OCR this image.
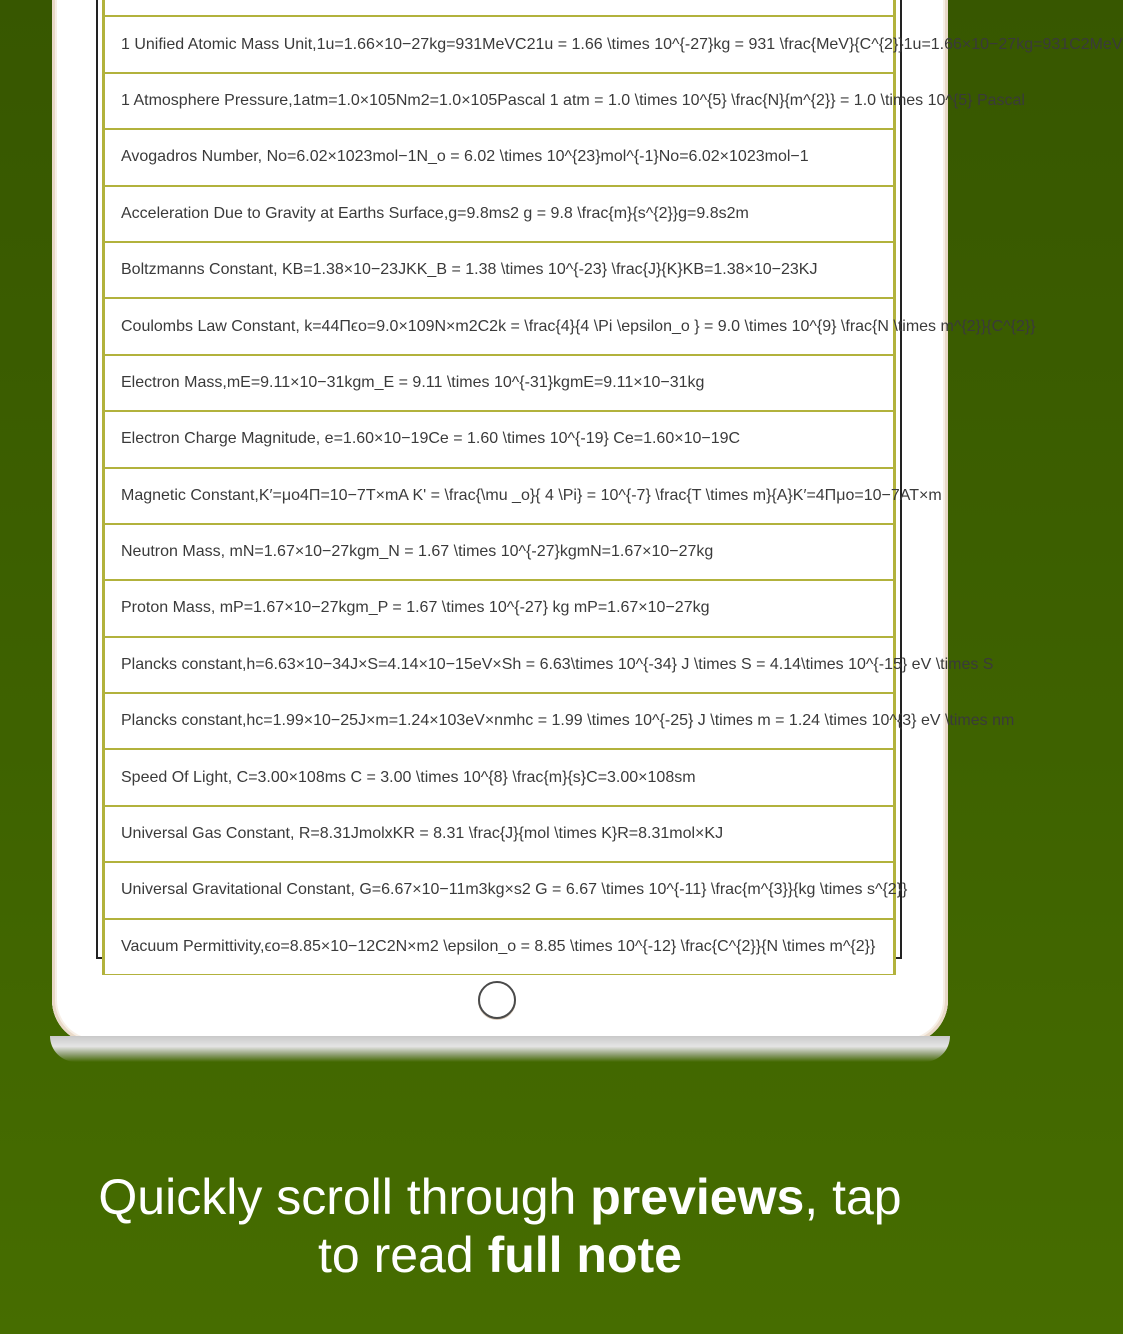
1 Unified Atomic Mass Unit,1u=1.66×10−27kg=931MeVC21u = 1.66 \times 10^{-27}kg = 931 \frac{MeV}{C^{2}}1u=1.66×10−27kg=931C2MeV
1 Atmosphere Pressure,1atm=1.0×105Nm2=1.0×105Pascal 1 atm = 1.0 \times 10^{5} \frac{N}{m^{2}} = 1.0 \times 10^{5} Pascal
Avogadros Number, No=6.02×1023mol−1N_o = 6.02 \times 10^{23}mol^{-1}No=6.02×1023mol−1
Acceleration Due to Gravity at Earths Surface,g=9.8ms2 g = 9.8 \frac{m}{s^{2}}g=9.8s2m
Boltzmanns Constant, KB=1.38×10−23JKK_B = 1.38 \times 10^{-23} \frac{J}{K}KB=1.38×10−23KJ
Coulombs Law Constant, k=44Πϵo=9.0×109N×m2C2k = \frac{4}{4 \Pi \epsilon_o } = 9.0 \times 10^{9} \frac{N \times m^{2}}{C^{2}}
Electron Mass,mE=9.11×10−31kgm_E = 9.11 \times 10^{-31}kgmE=9.11×10−31kg
Electron Charge Magnitude, e=1.60×10−19Ce = 1.60 \times 10^{-19} Ce=1.60×10−19C
Magnetic Constant,K′=μo4Π=10−7T×mA K' = \frac{\mu _o}{ 4 \Pi} = 10^{-7} \frac{T \times m}{A}K′=4Πμo=10−7AT×m
Neutron Mass, mN=1.67×10−27kgm_N = 1.67 \times 10^{-27}kgmN=1.67×10−27kg
Proton Mass, mP=1.67×10−27kgm_P = 1.67 \times 10^{-27} kg mP=1.67×10−27kg
Plancks constant,h=6.63×10−34J×S=4.14×10−15eV×Sh = 6.63\times 10^{-34} J \times S = 4.14\times 10^{-15} eV \times S
Plancks constant,hc=1.99×10−25J×m=1.24×103eV×nmhc = 1.99 \times 10^{-25} J \times m = 1.24 \times 10^{3} eV \times nm
Speed Of Light, C=3.00×108ms C = 3.00 \times 10^{8} \frac{m}{s}C=3.00×108sm
Universal Gas Constant, R=8.31JmolxKR = 8.31 \frac{J}{mol \times K}R=8.31mol×KJ
Universal Gravitational Constant, G=6.67×10−11m3kg×s2 G = 6.67 \times 10^{-11} \frac{m^{3}}{kg \times s^{2}}
Vacuum Permittivity,ϵo=8.85×10−12C2N×m2 \epsilon_o = 8.85 \times 10^{-12} \frac{C^{2}}{N \times m^{2}}
Quickly scroll through previews, tap
to read full note
